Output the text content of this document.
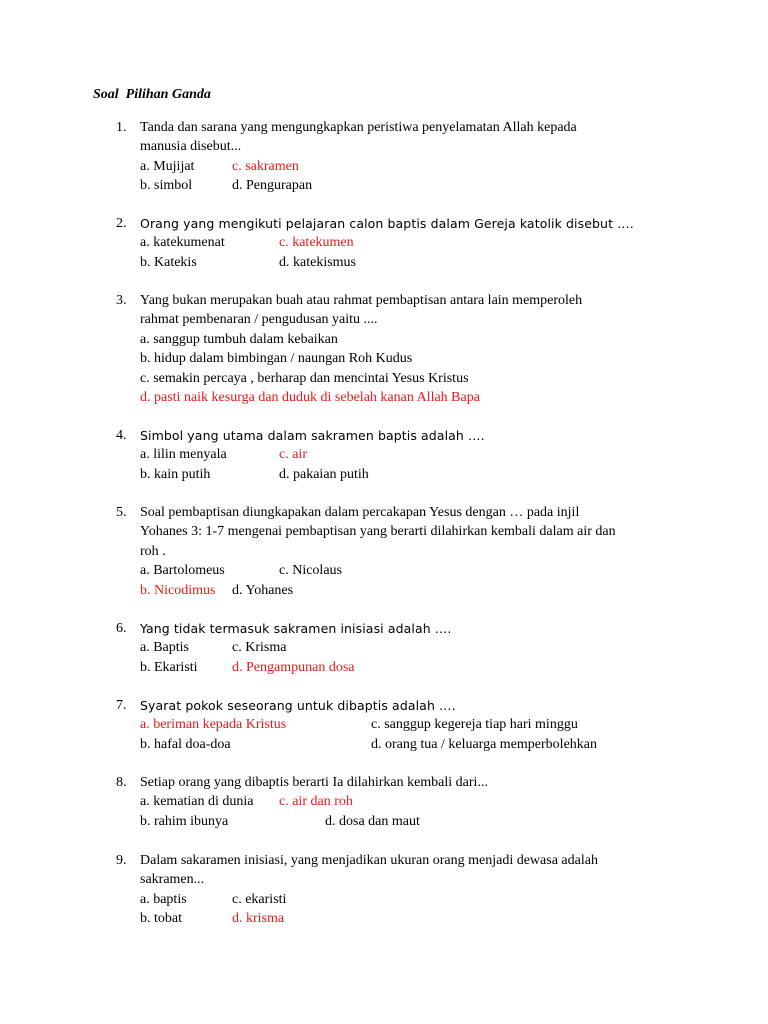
Soal  Pilihan Ganda
1. Tanda dan sarana yang mengungkapkan peristiwa penyelamatan Allah kepada
manusia disebut...
a. Mujijat	c. sakramen
b. simbol	d. Pengurapan
2. Orang yang mengikuti pelajaran calon baptis dalam Gereja katolik disebut ….
a. katekumenat	c. katekumen
b. Katekis	d. katekismus
3. Yang bukan merupakan buah atau rahmat pembaptisan antara lain memperoleh
rahmat pembenaran / pengudusan yaitu ....
a. sanggup tumbuh dalam kebaikan
b. hidup dalam bimbingan / naungan Roh Kudus
c. semakin percaya , berharap dan mencintai Yesus Kristus
d. pasti naik kesurga dan duduk di sebelah kanan Allah Bapa
4. Simbol yang utama dalam sakramen baptis adalah ….
a. lilin menyala	c. air
b. kain putih	d. pakaian putih
5. Soal pembaptisan diungkapakan dalam percakapan Yesus dengan … pada injil
Yohanes 3: 1-7 mengenai pembaptisan yang berarti dilahirkan kembali dalam air dan
roh .
a. Bartolomeus	c. Nicolaus
b. Nicodimus d. Yohanes
6. Yang tidak termasuk sakramen inisiasi adalah ….
a. Baptis	c. Krisma
b. Ekaristi d. Pengampunan dosa
7. Syarat pokok seseorang untuk dibaptis adalah ….
a. beriman kepada Kristus	c. sanggup kegereja tiap hari minggu
b. hafal doa-doa	d. orang tua / keluarga memperbolehkan
8. Setiap orang yang dibaptis berarti Ia dilahirkan kembali dari...
a. kematian di dunia c. air dan roh
b. rahim ibunya	d. dosa dan maut
9. Dalam sakaramen inisiasi, yang menjadikan ukuran orang menjadi dewasa adalah
sakramen...
a. baptis	c. ekaristi
b. tobat	d. krisma
